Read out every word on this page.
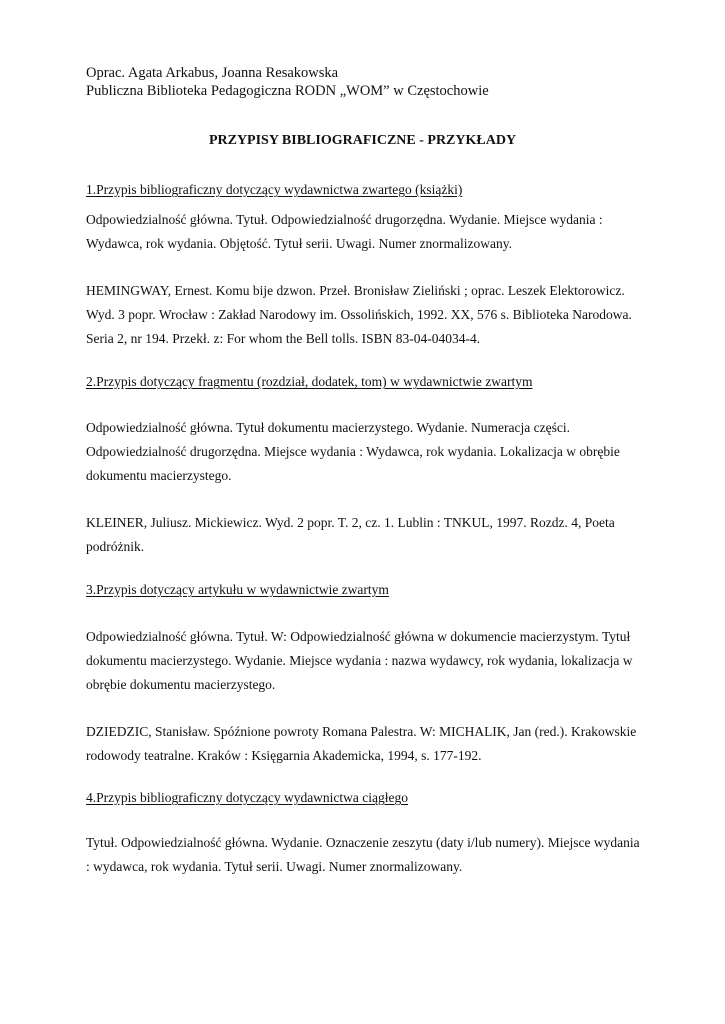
Oprac. Agata Arkabus, Joanna Resakowska

Publiczna Biblioteka Pedagogiczna RODN „WOM” w Częstochowie

PRZYPISY BIBLIOGRAFICZNE - PRZYKŁADY

1.Przypis bibliograficzny dotyczący wydawnictwa zwartego (książki)

Odpowiedzialność główna. Tytuł. Odpowiedzialność drugorzędna. Wydanie. Miejsce wydania :
Wydawca, rok wydania. Objętość. Tytuł serii. Uwagi. Numer znormalizowany.
HEMINGWAY, Ernest. Komu bije dzwon. Przeł. Bronisław Zieliński ; oprac. Leszek Elektorowicz.
Wyd. 3 popr. Wrocław : Zakład Narodowy im. Ossolińskich, 1992. XX, 576 s. Biblioteka Narodowa.
Seria 2, nr 194. Przekł. z: For whom the Bell tolls. ISBN 83-04-04034-4.

2.Przypis dotyczący fragmentu (rozdział, dodatek, tom) w wydawnictwie zwartym

Odpowiedzialność główna. Tytuł dokumentu macierzystego. Wydanie. Numeracja części.
Odpowiedzialność drugorzędna. Miejsce wydania : Wydawca, rok wydania. Lokalizacja w obrębie
dokumentu macierzystego.
KLEINER, Juliusz. Mickiewicz. Wyd. 2 popr. T. 2, cz. 1. Lublin : TNKUL, 1997. Rozdz. 4, Poeta
podróżnik.

3.Przypis dotyczący artykułu w wydawnictwie zwartym

Odpowiedzialność główna. Tytuł. W: Odpowiedzialność główna w dokumencie macierzystym. Tytuł
dokumentu macierzystego. Wydanie. Miejsce wydania : nazwa wydawcy, rok wydania, lokalizacja w
obrębie dokumentu macierzystego.
DZIEDZIC, Stanisław. Spóźnione powroty Romana Palestra. W: MICHALIK, Jan (red.). Krakowskie
rodowody teatralne. Kraków : Księgarnia Akademicka, 1994, s. 177-192.

4.Przypis bibliograficzny dotyczący wydawnictwa ciągłego

Tytuł. Odpowiedzialność główna. Wydanie. Oznaczenie zeszytu (daty i/lub numery). Miejsce wydania
: wydawca, rok wydania. Tytuł serii. Uwagi. Numer znormalizowany.
